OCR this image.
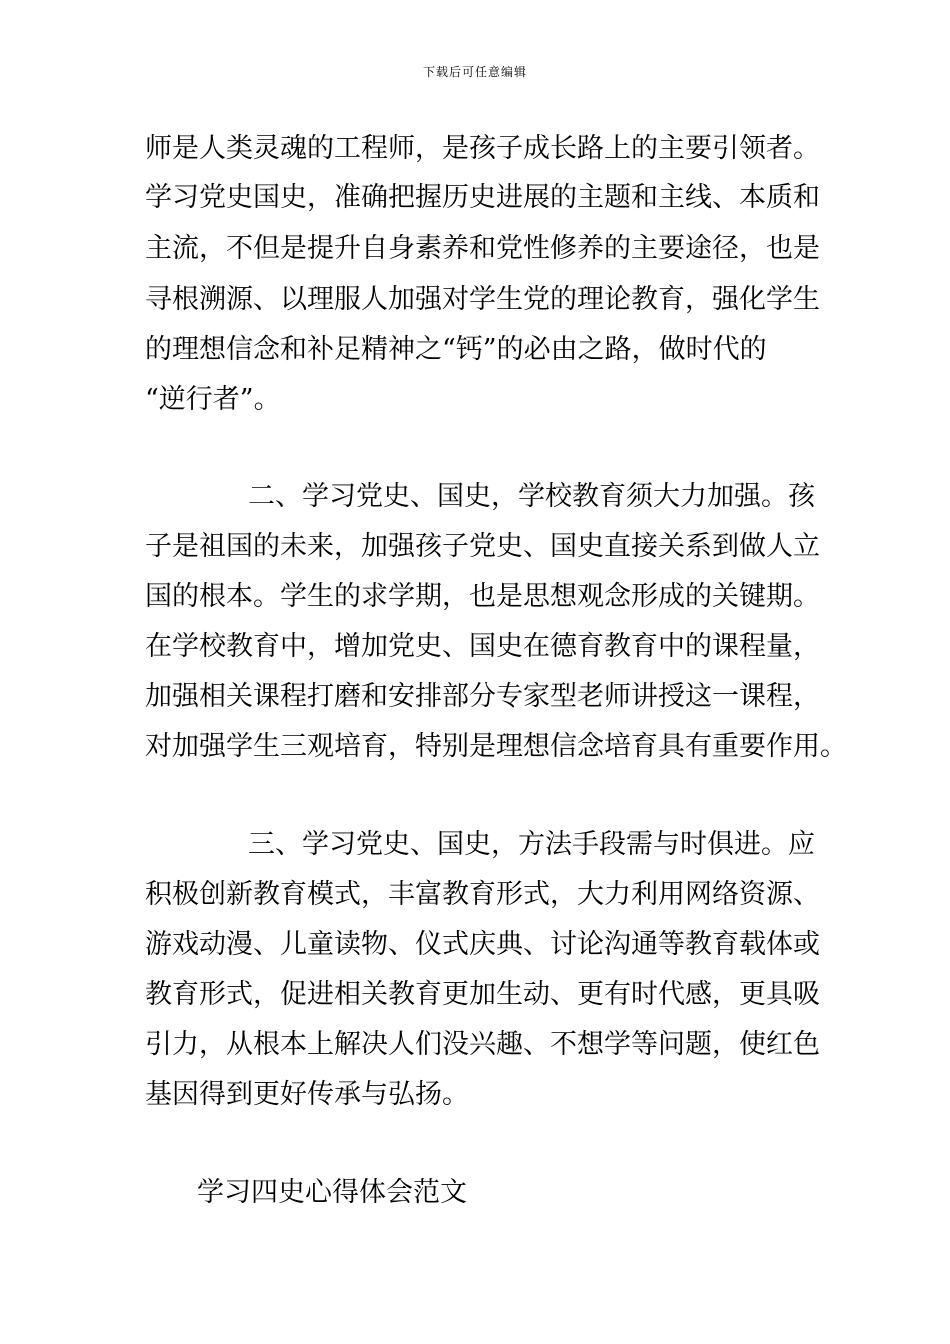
下载后可任意编辑
师是人类灵魂的工程师，是孩子成长路上的主要引领者。
学习党史国史，准确把握历史进展的主题和主线、本质和
主流，不但是提升自身素养和党性修养的主要途径，也是
寻根溯源、以理服人加强对学生党的理论教育，强化学生
的理想信念和补足精神之“钙”的必由之路，做时代的
“逆行者”。
二、学习党史、国史，学校教育须大力加强。孩
子是祖国的未来，加强孩子党史、国史直接关系到做人立
国的根本。学生的求学期，也是思想观念形成的关键期。
在学校教育中，增加党史、国史在德育教育中的课程量，
加强相关课程打磨和安排部分专家型老师讲授这一课程，
对加强学生三观培育，特别是理想信念培育具有重要作用。
三、学习党史、国史，方法手段需与时俱进。应
积极创新教育模式，丰富教育形式，大力利用网络资源、
游戏动漫、儿童读物、仪式庆典、讨论沟通等教育载体或
教育形式，促进相关教育更加生动、更有时代感，更具吸
引力，从根本上解决人们没兴趣、不想学等问题，使红色
基因得到更好传承与弘扬。
学习四史心得体会范文
